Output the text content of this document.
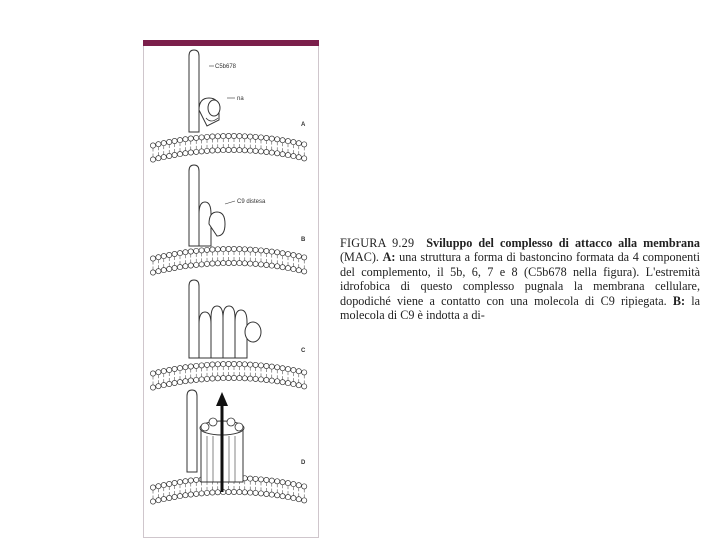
C5b678
na
A
C9 distesa
B
C
D
FIGURA 9.29 Sviluppo del complesso di attacco alla membrana (MAC). A: una struttura a forma di bastoncino formata da 4 componenti del complemento, il 5b, 6, 7 e 8 (C5b678 nella figura). L'estremità idrofobica di questo complesso pugnala la membrana cellulare, dopodiché viene a contatto con una molecola di C9 ripiegata. B: la molecola di C9 è indotta a di-
